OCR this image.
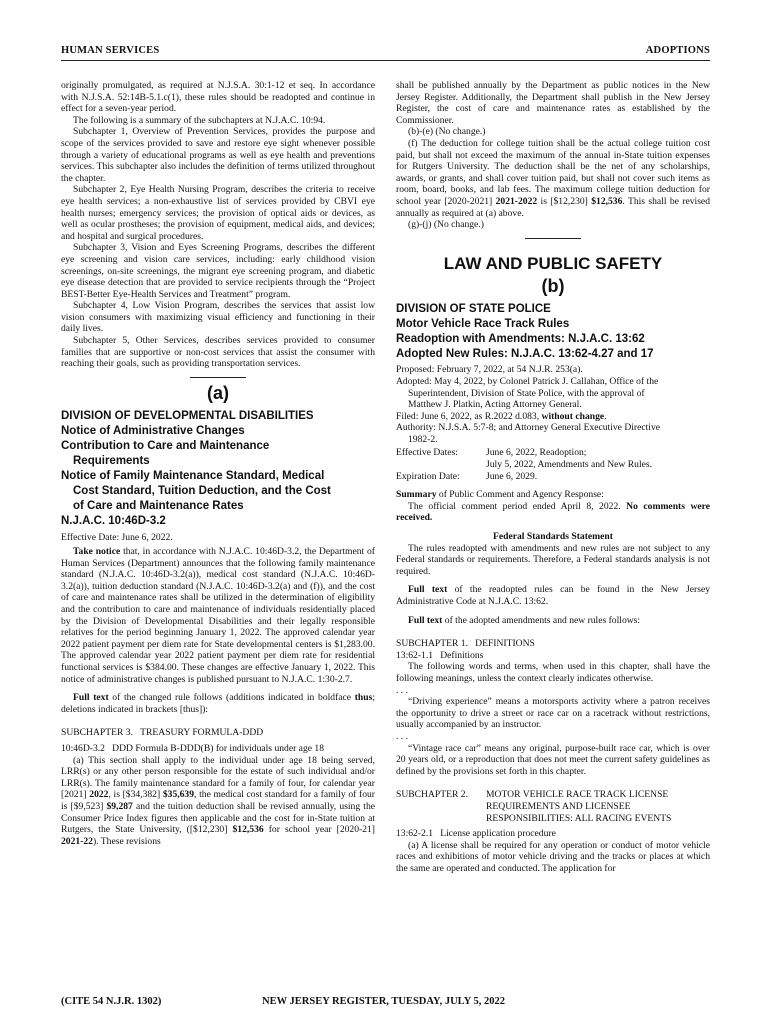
HUMAN SERVICES	ADOPTIONS

originally promulgated, as required at N.J.S.A. 30:1-12 et seq. In accordance with N.J.S.A. 52:14B-5.1.c(1), these rules should be readopted and continue in effect for a seven-year period.

The following is a summary of the subchapters at N.J.A.C. 10:94.

Subchapter 1, Overview of Prevention Services, provides the purpose and scope of the services provided to save and restore eye sight whenever possible through a variety of educational programs as well as eye health and preventions services. This subchapter also includes the definition of terms utilized throughout the chapter.

Subchapter 2, Eye Health Nursing Program, describes the criteria to receive eye health services; a non-exhaustive list of services provided by CBVI eye health nurses; emergency services; the provision of optical aids or devices, as well as ocular prostheses; the provision of equipment, medical aids, and devices; and hospital and surgical procedures.

Subchapter 3, Vision and Eyes Screening Programs, describes the different eye screening and vision care services, including: early childhood vision screenings, on-site screenings, the migrant eye screening program, and diabetic eye disease detection that are provided to service recipients through the “Project BEST-Better Eye-Health Services and Treatment” program.

Subchapter 4, Low Vision Program, describes the services that assist low vision consumers with maximizing visual efficiency and functioning in their daily lives.

Subchapter 5, Other Services, describes services provided to consumer families that are supportive or non-cost services that assist the consumer with reaching their goals, such as providing transportation services.

(a)
DIVISION OF DEVELOPMENTAL DISABILITIES
Notice of Administrative Changes
Contribution to Care and Maintenance
Requirements
Notice of Family Maintenance Standard, Medical
Cost Standard, Tuition Deduction, and the Cost
of Care and Maintenance Rates
N.J.A.C. 10:46D-3.2

Effective Date: June 6, 2022.

Take notice that, in accordance with N.J.A.C. 10:46D-3.2, the Department of Human Services (Department) announces that the following family maintenance standard (N.J.A.C. 10:46D-3.2(a)), medical cost standard (N.J.A.C. 10:46D-3.2(a)), tuition deduction standard (N.J.A.C. 10:46D-3.2(a) and (f)), and the cost of care and maintenance rates shall be utilized in the determination of eligibility and the contribution to care and maintenance of individuals residentially placed by the Division of Developmental Disabilities and their legally responsible relatives for the period beginning January 1, 2022. The approved calendar year 2022 patient payment per diem rate for State developmental centers is $1,283.00. The approved calendar year 2022 patient payment per diem rate for residential functional services is $384.00. These changes are effective January 1, 2022. This notice of administrative changes is published pursuant to N.J.A.C. 1:30-2.7.

Full text of the changed rule follows (additions indicated in boldface thus; deletions indicated in brackets [thus]):

SUBCHAPTER 3.   TREASURY FORMULA-DDD

10:46D-3.2   DDD Formula B-DDD(B) for individuals under age 18

(a) This section shall apply to the individual under age 18 being served, LRR(s) or any other person responsible for the estate of such individual and/or LRR(s). The family maintenance standard for a family of four, for calendar year [2021] 2022, is [$34,382] $35,639, the medical cost standard for a family of four is [$9,523] $9,287 and the tuition deduction shall be revised annually, using the Consumer Price Index figures then applicable and the cost for in-State tuition at Rutgers, the State University, ([$12,230] $12,536 for school year [2020-21] 2021-22). These revisions

shall be published annually by the Department as public notices in the New Jersey Register. Additionally, the Department shall publish in the New Jersey Register, the cost of care and maintenance rates as established by the Commissioner.

(b)-(e) (No change.)

(f) The deduction for college tuition shall be the actual college tuition cost paid, but shall not exceed the maximum of the annual in-State tuition expenses for Rutgers University. The deduction shall be the net of any scholarships, awards, or grants, and shall cover tuition paid, but shall not cover such items as room, board, books, and lab fees. The maximum college tuition deduction for school year [2020-2021] 2021-2022 is [$12,230] $12,536. This shall be revised annually as required at (a) above.

(g)-(j) (No change.)

LAW AND PUBLIC SAFETY
(b)
DIVISION OF STATE POLICE
Motor Vehicle Race Track Rules
Readoption with Amendments: N.J.A.C. 13:62
Adopted New Rules: N.J.A.C. 13:62-4.27 and 17

Proposed: February 7, 2022, at 54 N.J.R. 253(a).

Adopted: May 4, 2022, by Colonel Patrick J. Callahan, Office of the
Superintendent, Division of State Police, with the approval of
Matthew J. Platkin, Acting Attorney General.

Filed: June 6, 2022, as R.2022 d.083, without change.

Authority: N.J.S.A. 5:7-8; and Attorney General Executive Directive
1982-2.

Effective Dates:	June 6, 2022, Readoption;
July 5, 2022, Amendments and New Rules.
Expiration Date:	June 6, 2029.

Summary of Public Comment and Agency Response:

The official comment period ended April 8, 2022. No comments were received.

Federal Standards Statement

The rules readopted with amendments and new rules are not subject to any Federal standards or requirements. Therefore, a Federal standards analysis is not required.

Full text of the readopted rules can be found in the New Jersey Administrative Code at N.J.A.C. 13:62.

Full text of the adopted amendments and new rules follows:

SUBCHAPTER 1.   DEFINITIONS

13:62-1.1   Definitions

The following words and terms, when used in this chapter, shall have the following meanings, unless the context clearly indicates otherwise.

. . .

“Driving experience” means a motorsports activity where a patron receives the opportunity to drive a street or race car on a racetrack without restrictions, usually accompanied by an instructor.

. . .

“Vintage race car” means any original, purpose-built race car, which is over 20 years old, or a reproduction that does not meet the current safety guidelines as defined by the provisions set forth in this chapter.

SUBCHAPTER 2.	MOTOR VEHICLE RACE TRACK LICENSE
REQUIREMENTS AND LICENSEE
RESPONSIBILITIES: ALL RACING EVENTS

13:62-2.1   License application procedure

(a) A license shall be required for any operation or conduct of motor vehicle races and exhibitions of motor vehicle driving and the tracks or places at which the same are operated and conducted. The application for

(CITE 54 N.J.R. 1302)	NEW JERSEY REGISTER, TUESDAY, JULY 5, 2022
